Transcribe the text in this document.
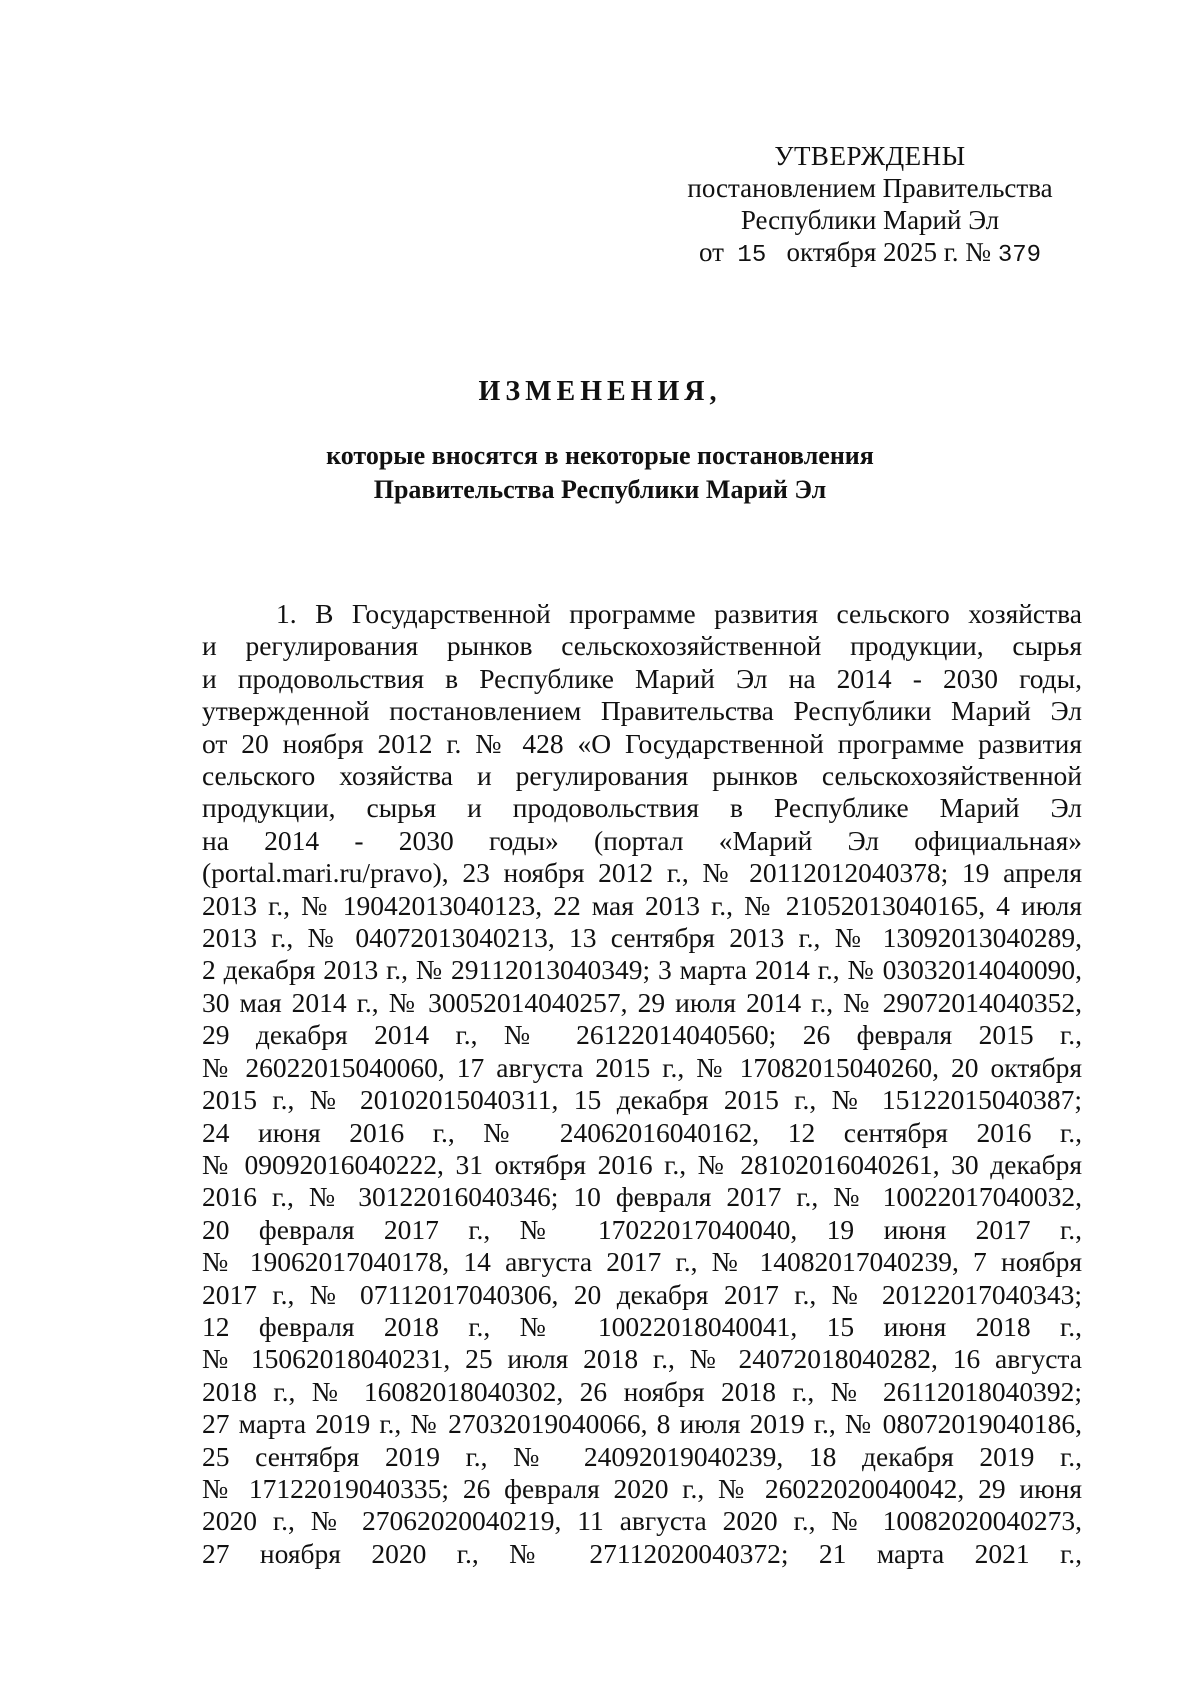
УТВЕРЖДЕНЫ
постановлением Правительства
Республики Марий Эл
от 15 октября 2025 г. № 379
ИЗМЕНЕНИЯ,
которые вносятся в некоторые постановления
Правительства Республики Марий Эл
1. В Государственной программе развития сельского хозяйства
и регулирования рынков сельскохозяйственной продукции, сырья
и продовольствия в Республике Марий Эл на 2014 - 2030 годы,
утвержденной постановлением Правительства Республики Марий Эл
от 20 ноября 2012 г. № 428 «О Государственной программе развития
сельского хозяйства и регулирования рынков сельскохозяйственной
продукции, сырья и продовольствия в Республике Марий Эл
на 2014 - 2030 годы» (портал «Марий Эл официальная»
(portal.mari.ru/pravo), 23 ноября 2012 г., № 20112012040378; 19 апреля
2013 г., № 19042013040123, 22 мая 2013 г., № 21052013040165, 4 июля
2013 г., № 04072013040213, 13 сентября 2013 г., № 13092013040289,
2 декабря 2013 г., № 29112013040349; 3 марта 2014 г., № 03032014040090,
30 мая 2014 г., № 30052014040257, 29 июля 2014 г., № 29072014040352,
29 декабря 2014 г., № 26122014040560; 26 февраля 2015 г.,
№ 26022015040060, 17 августа 2015 г., № 17082015040260, 20 октября
2015 г., № 20102015040311, 15 декабря 2015 г., № 15122015040387;
24 июня 2016 г., № 24062016040162, 12 сентября 2016 г.,
№ 09092016040222, 31 октября 2016 г., № 28102016040261, 30 декабря
2016 г., № 30122016040346; 10 февраля 2017 г., № 10022017040032,
20 февраля 2017 г., № 17022017040040, 19 июня 2017 г.,
№ 19062017040178, 14 августа 2017 г., № 14082017040239, 7 ноября
2017 г., № 07112017040306, 20 декабря 2017 г., № 20122017040343;
12 февраля 2018 г., № 10022018040041, 15 июня 2018 г.,
№ 15062018040231, 25 июля 2018 г., № 24072018040282, 16 августа
2018 г., № 16082018040302, 26 ноября 2018 г., № 26112018040392;
27 марта 2019 г., № 27032019040066, 8 июля 2019 г., № 08072019040186,
25 сентября 2019 г., № 24092019040239, 18 декабря 2019 г.,
№ 17122019040335; 26 февраля 2020 г., № 26022020040042, 29 июня
2020 г., № 27062020040219, 11 августа 2020 г., № 10082020040273,
27 ноября 2020 г., № 27112020040372; 21 марта 2021 г.,
